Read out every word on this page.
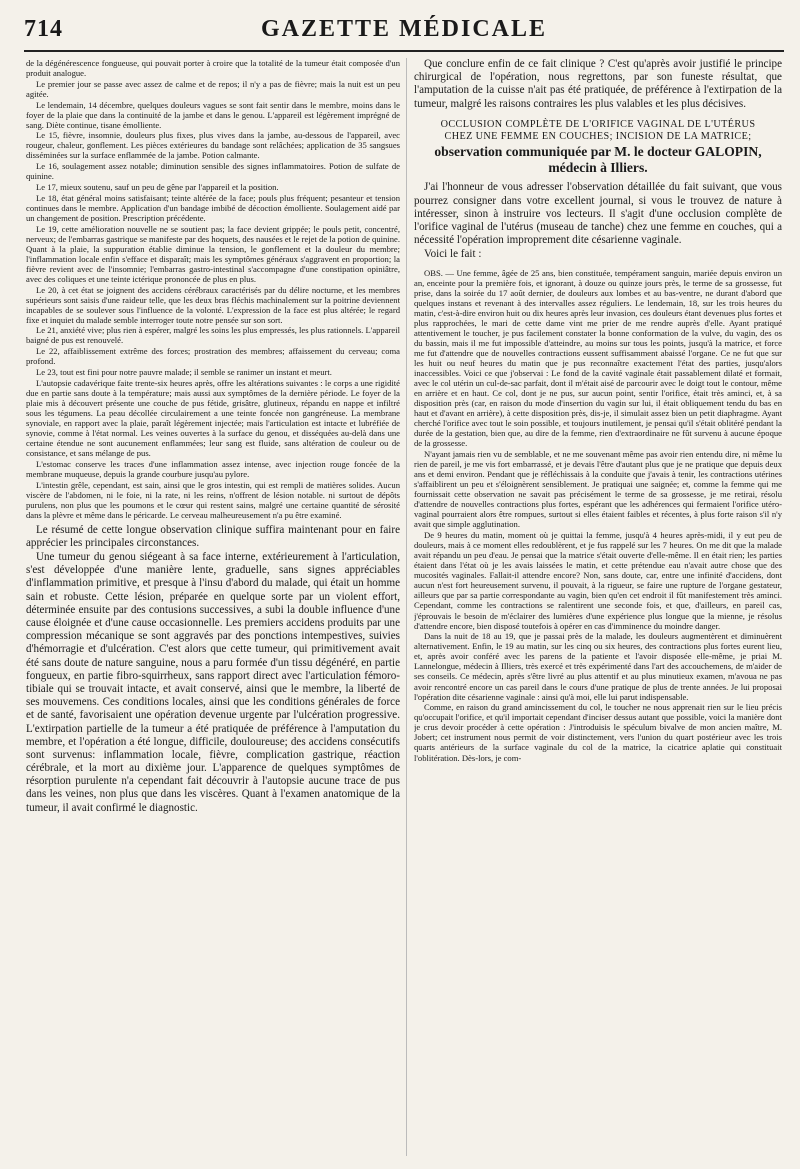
714	GAZETTE MÉDICALE

de la dégénérescence fongueuse, qui pouvait porter à croire que la totalité de la tumeur était composée d'un produit analogue.

Le premier jour se passe avec assez de calme et de repos; il n'y a pas de fièvre; mais la nuit est un peu agitée.

Le lendemain, 14 décembre, quelques douleurs vagues se sont fait sentir dans le membre, moins dans le foyer de la plaie que dans la continuité de la jambe et dans le genou. L'appareil est légèrement imprégné de sang. Diète continue, tisane émolliente.

Le 15, fièvre, insomnie, douleurs plus fixes, plus vives dans la jambe, au-dessous de l'appareil, avec rougeur, chaleur, gonflement. Les pièces extérieures du bandage sont relâchées; application de 35 sangsues disséminées sur la surface enflammée de la jambe. Potion calmante.

Le 16, soulagement assez notable; diminution sensible des signes inflammatoires. Potion de sulfate de quinine.

Le 17, mieux soutenu, sauf un peu de gêne par l'appareil et la position.

Le 18, état général moins satisfaisant; teinte altérée de la face; pouls plus fréquent; pesanteur et tension continues dans le membre. Application d'un bandage imbibé de décoction émolliente. Soulagement aidé par un changement de position. Prescription précédente.

Le 19, cette amélioration nouvelle ne se soutient pas; la face devient grippée; le pouls petit, concentré, nerveux; de l'embarras gastrique se manifeste par des hoquets, des nausées et le rejet de la potion de quinine. Quant à la plaie, la suppuration établie diminue la tension, le gonflement et la douleur du membre; l'inflammation locale enfin s'efface et disparaît; mais les symptômes généraux s'aggravent en proportion; la fièvre revient avec de l'insomnie; l'embarras gastro-intestinal s'accompagne d'une constipation opiniâtre, avec des coliques et une teinte ictérique prononcée de plus en plus.

Le 20, à cet état se joignent des accidens cérébraux caractérisés par du délire nocturne, et les membres supérieurs sont saisis d'une raideur telle, que les deux bras fléchis machinalement sur la poitrine deviennent incapables de se soulever sous l'influence de la volonté. L'expression de la face est plus altérée; le regard fixe et inquiet du malade semble interroger toute notre pensée sur son sort.

Le 21, anxiété vive; plus rien à espérer, malgré les soins les plus empressés, les plus rationnels. L'appareil baigné de pus est renouvelé.

Le 22, affaiblissement extrême des forces; prostration des membres; affaissement du cerveau; coma profond.

Le 23, tout est fini pour notre pauvre malade; il semble se ranimer un instant et meurt.

L'autopsie cadavérique faite trente-six heures après, offre les altérations suivantes : le corps a une rigidité due en partie sans doute à la température; mais aussi aux symptômes de la dernière période. Le foyer de la plaie mis à découvert présente une couche de pus fétide, grisâtre, glutineux, répandu en nappe et infiltré sous les tégumens. La peau décollée circulairement a une teinte foncée non gangréneuse. La membrane synoviale, en rapport avec la plaie, paraît légèrement injectée; mais l'articulation est intacte et lubréfiée de synovie, comme à l'état normal. Les veines ouvertes à la surface du genou, et disséquées au-delà dans une certaine étendue ne sont aucunement enflammées; leur sang est fluide, sans altération de couleur ou de consistance, et sans mélange de pus.

L'estomac conserve les traces d'une inflammation assez intense, avec injection rouge foncée de la membrane muqueuse, depuis la grande courbure jusqu'au pylore.

L'intestin grêle, cependant, est sain, ainsi que le gros intestin, qui est rempli de matières solides. Aucun viscère de l'abdomen, ni le foie, ni la rate, ni les reins, n'offrent de lésion notable. ni surtout de dépôts purulens, non plus que les poumons et le cœur qui restent sains, malgré une certaine quantité de sérosité dans la plèvre et même dans le péricarde. Le cerveau malheureusement n'a pu être examiné.

Le résumé de cette longue observation clinique suffira maintenant pour en faire apprécier les principales circonstances.

Une tumeur du genou siégeant à sa face interne, extérieurement à l'articulation, s'est développée d'une manière lente, graduelle, sans signes appréciables d'inflammation primitive, et presque à l'insu d'abord du malade, qui était un homme sain et robuste. Cette lésion, préparée en quelque sorte par un violent effort, déterminée ensuite par des contusions successives, a subi la double influence d'une cause éloignée et d'une cause occasionnelle. Les premiers accidens produits par une compression mécanique se sont aggravés par des ponctions intempestives, suivies d'hémorragie et d'ulcération. C'est alors que cette tumeur, qui primitivement avait été sans doute de nature sanguine, nous a paru formée d'un tissu dégénéré, en partie fongueux, en partie fibro-squirrheux, sans rapport direct avec l'articulation fémoro-tibiale qui se trouvait intacte, et avait conservé, ainsi que le membre, la liberté de ses mouvemens. Ces conditions locales, ainsi que les conditions générales de force et de santé, favorisaient une opération devenue urgente par l'ulcération progressive. L'extirpation partielle de la tumeur a été pratiquée de préférence à l'amputation du membre, et l'opération a été longue, difficile, douloureuse; des accidens consécutifs sont survenus: inflammation locale, fièvre, complication gastrique, réaction cérébrale, et la mort au dixième jour. L'apparence de quelques symptômes de résorption purulente n'a cependant fait découvrir à l'autopsie aucune trace de pus dans les veines, non plus que dans les viscères. Quant à l'examen anatomique de la tumeur, il avait confirmé le diagnostic.

Que conclure enfin de ce fait clinique ? C'est qu'après avoir justifié le principe chirurgical de l'opération, nous regrettons, par son funeste résultat, que l'amputation de la cuisse n'ait pas été pratiquée, de préférence à l'extirpation de la tumeur, malgré les raisons contraires les plus valables et les plus décisives.

OCCLUSION COMPLÈTE DE L'ORIFICE VAGINAL DE L'UTÉRUS
CHEZ UNE FEMME EN COUCHES; INCISION DE LA MATRICE;
observation communiquée par M. le docteur GALOPIN, médecin à Illiers.

J'ai l'honneur de vous adresser l'observation détaillée du fait suivant, que vous pourrez consigner dans votre excellent journal, si vous le trouvez de nature à intéresser, sinon à instruire vos lecteurs. Il s'agit d'une occlusion complète de l'orifice vaginal de l'utérus (museau de tanche) chez une femme en couches, qui a nécessité l'opération improprement dite césarienne vaginale.

Voici le fait :

OBS. — Une femme, âgée de 25 ans, bien constituée, tempérament sanguin, mariée depuis environ un an, enceinte pour la première fois, et ignorant, à douze ou quinze jours près, le terme de sa grossesse, fut prise, dans la soirée du 17 août dernier, de douleurs aux lombes et au bas-ventre, ne durant d'abord que quelques instans et revenant à des intervalles assez réguliers. Le lendemain, 18, sur les trois heures du matin, c'est-à-dire environ huit ou dix heures après leur invasion, ces douleurs étant devenues plus fortes et plus rapprochées, le mari de cette dame vint me prier de me rendre auprès d'elle. Ayant pratiqué attentivement le toucher, je pus facilement constater la bonne conformation de la vulve, du vagin, des os du bassin, mais il me fut impossible d'atteindre, au moins sur tous les points, jusqu'à la matrice, et force me fut d'attendre que de nouvelles contractions eussent suffisamment abaissé l'organe. Ce ne fut que sur les huit ou neuf heures du matin que je pus reconnaître exactement l'état des parties, jusqu'alors inaccessibles. Voici ce que j'observai : Le fond de la cavité vaginale était passablement dilaté et formait, avec le col utérin un cul-de-sac parfait, dont il m'était aisé de parcourir avec le doigt tout le contour, même en arrière et en haut. Ce col, dont je ne pus, sur aucun point, sentir l'orifice, était très aminci, et, à sa disposition près (car, en raison du mode d'insertion du vagin sur lui, il était obliquement tendu du bas en haut et d'avant en arrière), à cette disposition près, dis-je, il simulait assez bien un petit diaphragme. Ayant cherché l'orifice avec tout le soin possible, et toujours inutilement, je pensai qu'il s'était oblitéré pendant la durée de la gestation, bien que, au dire de la femme, rien d'extraordinaire ne fût survenu à aucune époque de la grossesse.

N'ayant jamais rien vu de semblable, et ne me souvenant même pas avoir rien entendu dire, ni même lu rien de pareil, je me vis fort embarrassé, et je devais l'être d'autant plus que je ne pratique que depuis deux ans et demi environ. Pendant que je réfléchissais à la conduite que j'avais à tenir, les contractions utérines s'affaiblirent un peu et s'éloignèrent sensiblement. Je pratiquai une saignée; et, comme la femme qui me fournissait cette observation ne savait pas précisément le terme de sa grossesse, je me retirai, résolu d'attendre de nouvelles contractions plus fortes, espérant que les adhérences qui fermaient l'orifice utéro-vaginal pourraient alors être rompues, surtout si elles étaient faibles et récentes, à plus forte raison s'il n'y avait que simple agglutination.

De 9 heures du matin, moment où je quittai la femme, jusqu'à 4 heures après-midi, il y eut peu de douleurs, mais à ce moment elles redoublèrent, et je fus rappelé sur les 7 heures. On me dit que la malade avait répandu un peu d'eau. Je pensai que la matrice s'était ouverte d'elle-même. Il en était rien; les parties étaient dans l'état où je les avais laissées le matin, et cette prétendue eau n'avait autre chose que des mucosités vaginales. Fallait-il attendre encore? Non, sans doute, car, entre une infinité d'accidens, dont aucun n'est fort heureusement survenu, il pouvait, à la rigueur, se faire une rupture de l'organe gestateur, ailleurs que par sa partie correspondante au vagin, bien qu'en cet endroit il fût manifestement très aminci. Cependant, comme les contractions se ralentirent une seconde fois, et que, d'ailleurs, en pareil cas, j'éprouvais le besoin de m'éclairer des lumières d'une expérience plus longue que la mienne, je résolus d'attendre encore, bien disposé toutefois à opérer en cas d'imminence du moindre danger.

Dans la nuit de 18 au 19, que je passai près de la malade, les douleurs augmentèrent et diminuèrent alternativement. Enfin, le 19 au matin, sur les cinq ou six heures, des contractions plus fortes eurent lieu, et, après avoir conféré avec les parens de la patiente et l'avoir disposée elle-même, je priai M. Lannelongue, médecin à Illiers, très exercé et très expérimenté dans l'art des accouchemens, de m'aider de ses conseils. Ce médecin, après s'être livré au plus attentif et au plus minutieux examen, m'avoua ne pas avoir rencontré encore un cas pareil dans le cours d'une pratique de plus de trente années. Je lui proposai l'opération dite césarienne vaginale : ainsi qu'à moi, elle lui parut indispensable.

Comme, en raison du grand amincissement du col, le toucher ne nous apprenait rien sur le lieu précis qu'occupait l'orifice, et qu'il importait cependant d'inciser dessus autant que possible, voici la manière dont je crus devoir procéder à cette opération : J'introduisis le spéculum bivalve de mon ancien maître, M. Jobert; cet instrument nous permit de voir distinctement, vers l'union du quart postérieur avec les trois quarts antérieurs de la surface vaginale du col de la matrice, la cicatrice aplatie qui constituait l'oblitération. Dès-lors, je com-
